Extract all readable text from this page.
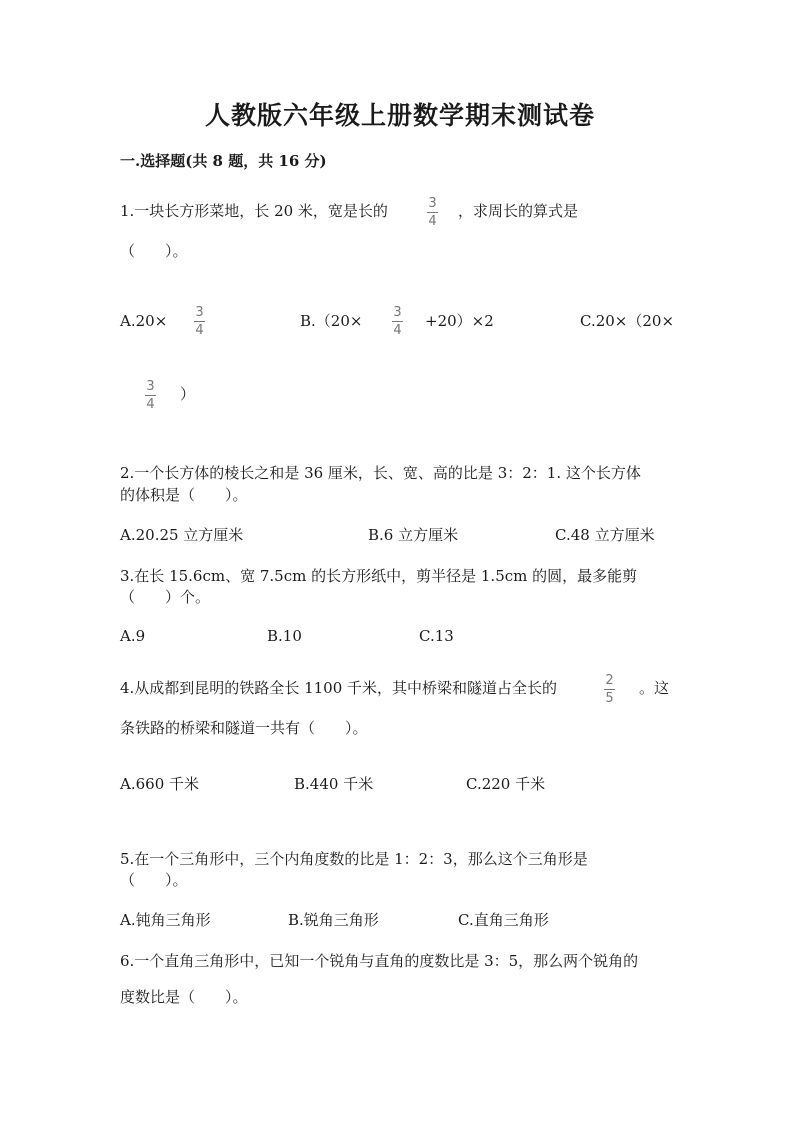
人教版六年级上册数学期末测试卷
一.选择题(共 8 题，共 16 分)
1.一块长方形菜地，长 20 米，宽是长的	3
4
，求周长的算式是
（　　）。
A.20× 3
4
B.（20× 3
4
+20）×2	C.20×（20×
3
4
）
2.一个长方体的棱长之和是 36 厘米，长、宽、高的比是 3：2：1. 这个长方体
的体积是（　　）。
A.20.25 立方厘米	B.6 立方厘米	C.48 立方厘米
3.在长 15.6cm、宽 7.5cm 的长方形纸中，剪半径是 1.5cm 的圆，最多能剪
（　　）个。
A.9	B.10	C.13
4.从成都到昆明的铁路全长 1100 千米，其中桥梁和隧道占全长的	2
5
。这
条铁路的桥梁和隧道一共有（　　）。
A.660 千米	B.440 千米	C.220 千米
5.在一个三角形中，三个内角度数的比是 1：2：3，那么这个三角形是
（　　）。
A.钝角三角形	B.锐角三角形	C.直角三角形
6.一个直角三角形中，已知一个锐角与直角的度数比是 3：5，那么两个锐角的
度数比是（　　）。
